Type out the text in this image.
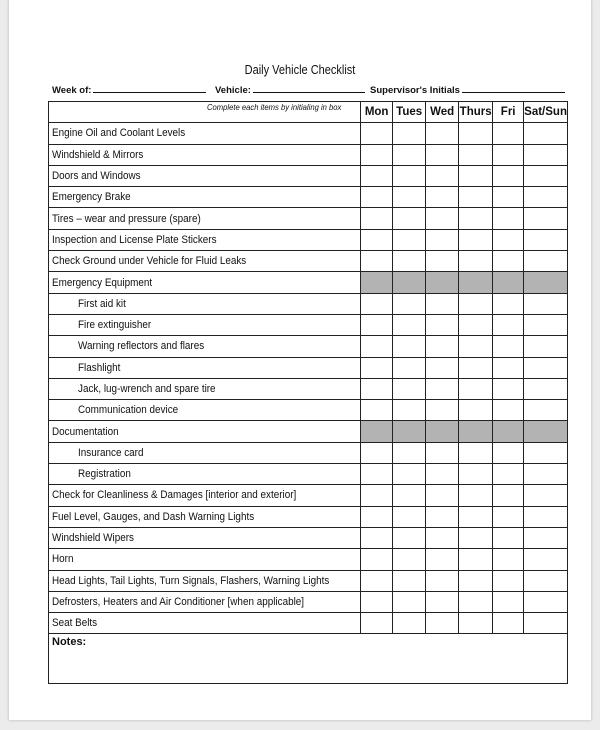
Daily Vehicle Checklist
Week of:	Vehicle:	Supervisor's Initials
Complete each items by initialing in box	Mon	Tues	Wed	Thurs	Fri	Sat/Sun
Engine Oil and Coolant Levels						
Windshield & Mirrors						
Doors and Windows						
Emergency Brake						
Tires – wear and pressure (spare)						
Inspection and License Plate Stickers						
Check Ground under Vehicle for Fluid Leaks						
Emergency Equipment						
First aid kit						
Fire extinguisher						
Warning reflectors and flares						
Flashlight						
Jack, lug-wrench and spare tire						
Communication device						
Documentation						
Insurance card						
Registration						
Check for Cleanliness & Damages [interior and exterior]						
Fuel Level, Gauges, and Dash Warning Lights						
Windshield Wipers						
Horn						
Head Lights, Tail Lights, Turn Signals, Flashers, Warning Lights						
Defrosters, Heaters and Air Conditioner [when applicable]						
Seat Belts						
Notes:						
